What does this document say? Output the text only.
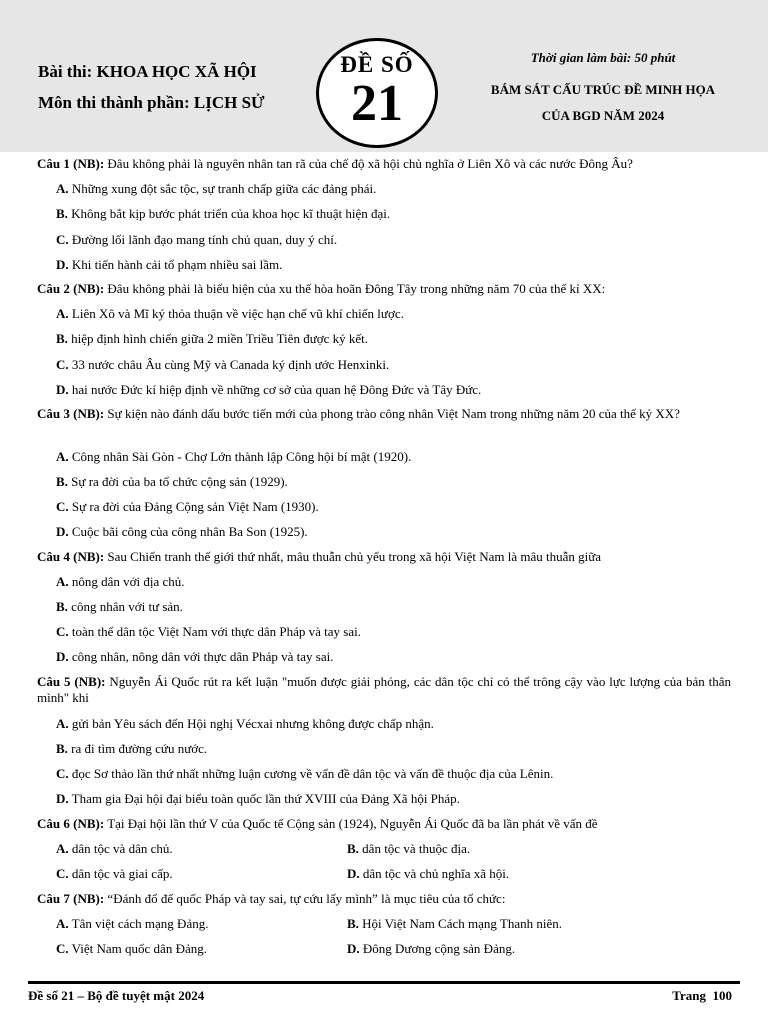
Bài thi: KHOA HỌC XÃ HỘI
Môn thi thành phần: LỊCH SỬ
ĐỀ SỐ
21
Thời gian làm bài: 50 phút
BÁM SÁT CẤU TRÚC ĐỀ MINH HỌA
CỦA BGD NĂM 2024
Câu 1 (NB): Đâu không phải là nguyên nhân tan rã của chế độ xã hội chủ nghĩa ở Liên Xô và các nước Đông Âu?
A. Những xung đột sắc tộc, sự tranh chấp giữa các đảng phái.
B. Không bắt kịp bước phát triển của khoa học kĩ thuật hiện đại.
C. Đường lối lãnh đạo mang tính chủ quan, duy ý chí.
D. Khi tiến hành cải tổ phạm nhiều sai lầm.
Câu 2 (NB): Đâu không phải là biểu hiện của xu thế hòa hoãn Đông Tây trong những năm 70 của thế kỉ XX:
A. Liên Xô và Mĩ ký thỏa thuận về việc hạn chế vũ khí chiến lược.
B. hiệp định hình chiến giữa 2 miền Triều Tiên được ký kết.
C. 33 nước châu Âu cùng Mỹ và Canada ký định ước Henxinki.
D. hai nước Đức kí hiệp định về những cơ sở của quan hệ Đông Đức và Tây Đức.
Câu 3 (NB): Sự kiện nào đánh dấu bước tiến mới của phong trào công nhân Việt Nam trong những năm 20 của thế kỷ XX?
A. Công nhân Sài Gòn - Chợ Lớn thành lập Công hội bí mật (1920).
B. Sự ra đời của ba tổ chức cộng sản (1929).
C. Sự ra đời của Đảng Cộng sản Việt Nam (1930).
D. Cuộc bãi công của công nhân Ba Son (1925).
Câu 4 (NB): Sau Chiến tranh thế giới thứ nhất, mâu thuẫn chủ yếu trong xã hội Việt Nam là mâu thuẫn giữa
A. nông dân với địa chủ.
B. công nhân với tư sản.
C. toàn thể dân tộc Việt Nam với thực dân Pháp và tay sai.
D. công nhân, nông dân với thực dân Pháp và tay sai.
Câu 5 (NB): Nguyễn Ái Quốc rút ra kết luận "muốn được giải phóng, các dân tộc chỉ có thể trông cậy vào lực lượng của bản thân mình" khi
A. gửi bản Yêu sách đến Hội nghị Vécxai nhưng không được chấp nhận.
B. ra đi tìm đường cứu nước.
C. đọc Sơ thảo lần thứ nhất những luận cương về vấn đề dân tộc và vấn đề thuộc địa của Lênin.
D. Tham gia Đại hội đại biểu toàn quốc lần thứ XVIII của Đảng Xã hội Pháp.
Câu 6 (NB): Tại Đại hội lần thứ V của Quốc tế Cộng sản (1924), Nguyễn Ái Quốc đã ba lần phát về vấn đề
A. dân tộc và dân chủ.	B. dân tộc và thuộc địa.
C. dân tộc và giai cấp.	D. dân tộc và chủ nghĩa xã hội.
Câu 7 (NB): “Đánh đổ đế quốc Pháp và tay sai, tự cứu lấy mình” là mục tiêu của tổ chức:
A. Tân việt cách mạng Đảng.	B. Hội Việt Nam Cách mạng Thanh niên.
C. Việt Nam quốc dân Đảng.	D. Đông Dương cộng sản Đảng.
Đề số 21 – Bộ đề tuyệt mật 2024	Trang 100
